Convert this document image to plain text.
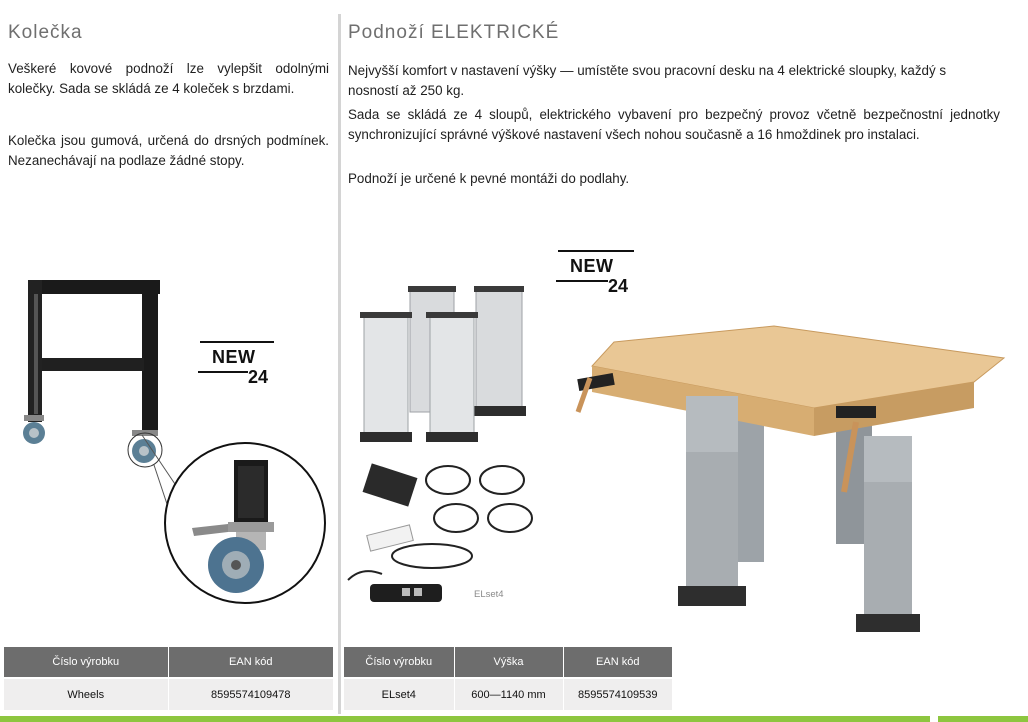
Kolečka

Veškeré kovové podnoží lze vylepšit odolnými kolečky. Sada se skládá ze 4 koleček s brzdami.

Kolečka jsou gumová, určená do drsných podmínek. Nezanechávají na podlaze žádné stopy.

NEW
24
Číslo výrobku	EAN kód
Wheels	8595574109478
Podnoží ELEKTRICKÉ

Nejvyšší komfort v nastavení výšky — umístěte svou pracovní desku na 4 elektrické sloupky, každý s nosností až 250 kg.

Sada se skládá ze 4 sloupů, elektrického vybavení pro bezpečný provoz včetně bezpečnostní jednotky synchronizující správné výškové nastavení všech nohou současně a 16 hmoždinek pro instalaci.

Podnoží je určené k pevné montáži do podlahy.

ELset4
NEW
24
Číslo výrobku	Výška	EAN kód
ELset4	600—1140 mm	8595574109539
